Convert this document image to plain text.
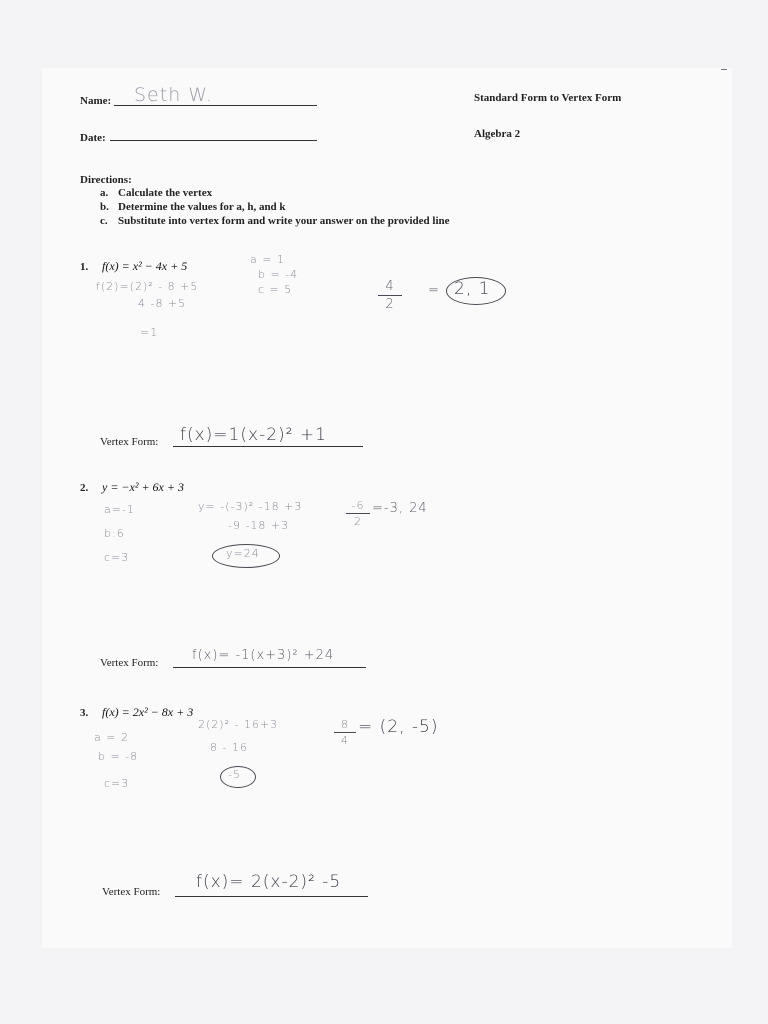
Name: Seth W.
Date:
Standard Form to Vertex Form
Algebra 2
Directions:
a. Calculate the vertex
b. Determine the values for a, h, and k
c. Substitute into vertex form and write your answer on the provided line
1. f(x) = x² − 4x + 5	a = 1
b = -4
c = 5
f(2)=(2)² - 8 +5
4 -8 +5
=1
4
2
= 2, 1
Vertex Form: f(x)=1(x-2)² +1
2. y = −x² + 6x + 3
a=-1
b:6
c=3
y= -(-3)² -18 +3
-9 -18 +3
y=24
-6
2
=-3, 24
Vertex Form:	f(x)= -1(x+3)² +24
3. f(x) = 2x² − 8x + 3
a = 2
b = -8
c=3
2(2)² - 16+3
8 - 16
-5
8
4
= (2, -5)
Vertex Form: f(x)= 2(x-2)² -5
